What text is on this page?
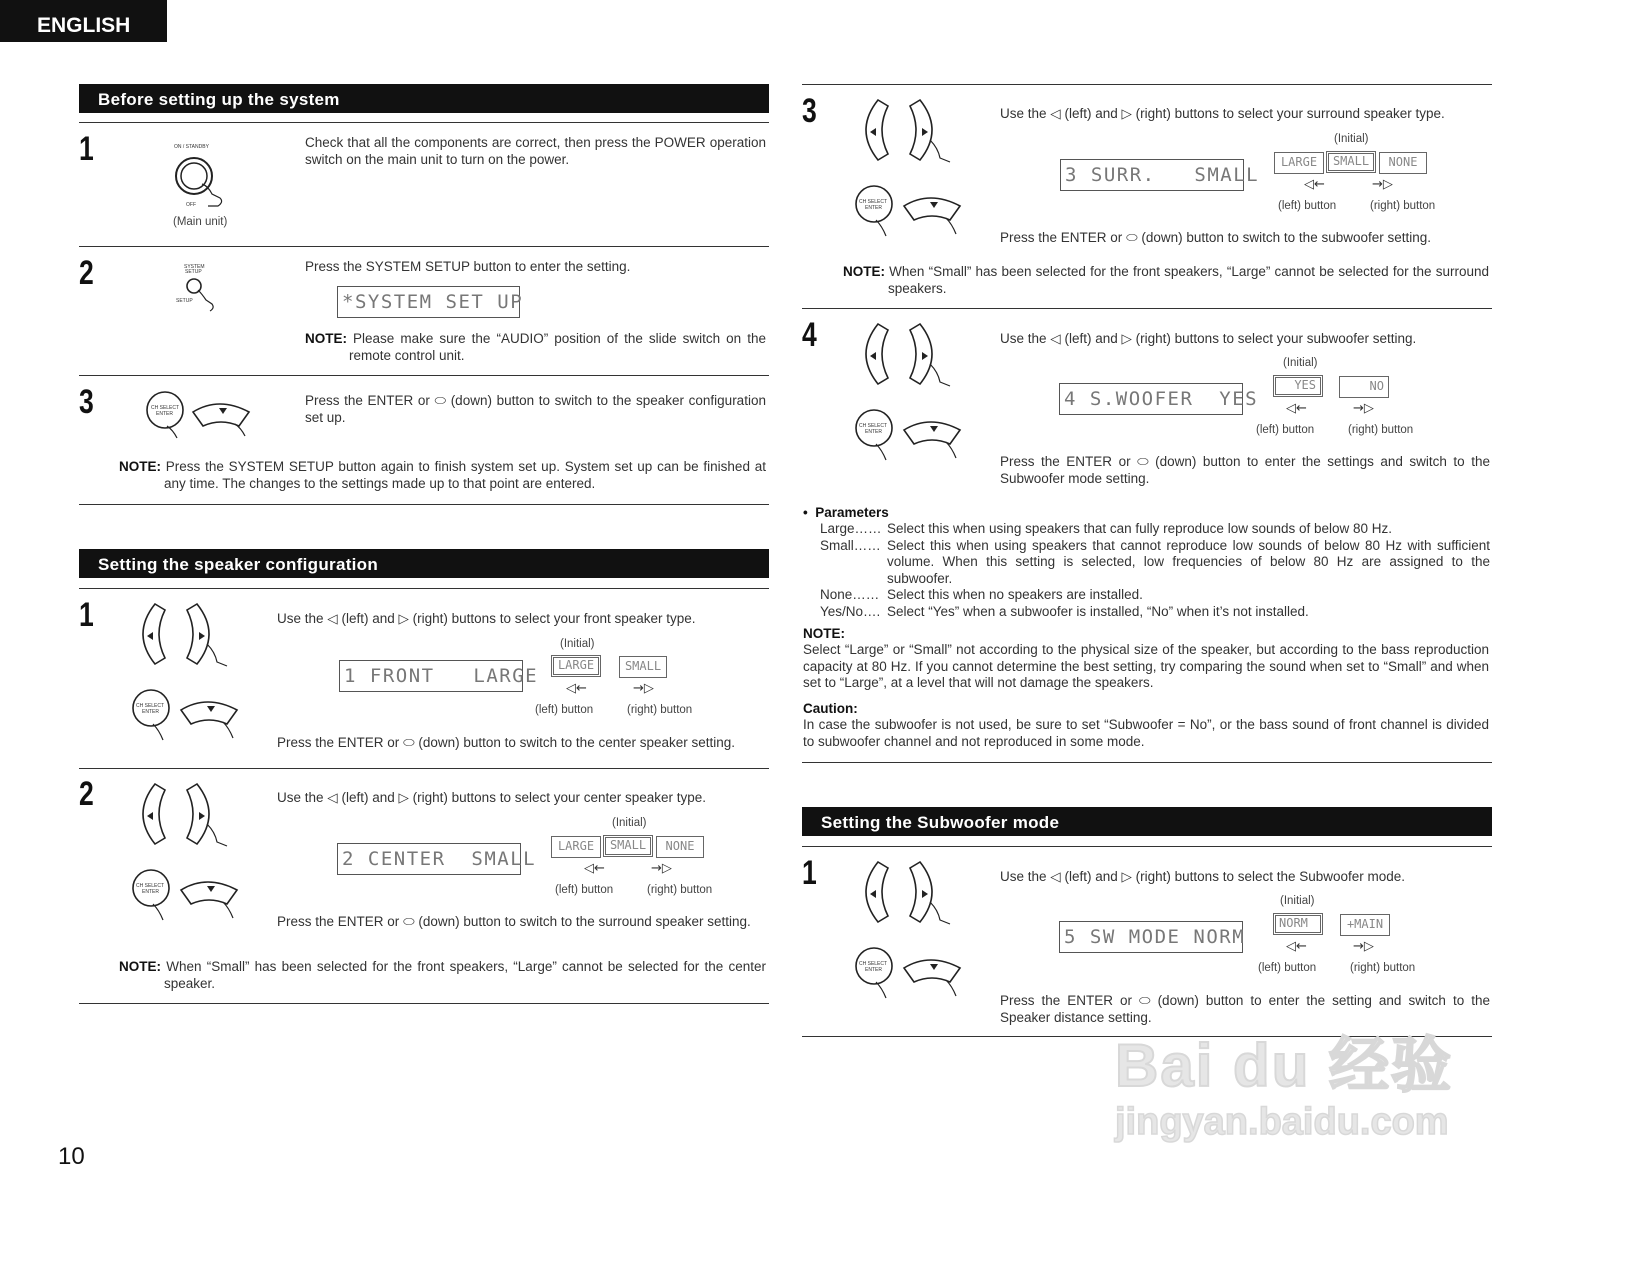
ENGLISH
Before setting up the system
1	ON / STANDBY
OFF
(Main unit)
Check that all the components are correct, then press the POWER operation switch on the main unit to turn on the power.
2	SYSTEM
SETUP
SETUP
Press the SYSTEM SETUP button to enter the setting.
*SYSTEM SET UP
NOTE: Please make sure the “AUDIO” position of the slide switch on the remote control unit.
3	CH SELECT
ENTER
Press the ENTER or ⬭ (down) button to switch to the speaker configuration set up.
NOTE: Press the SYSTEM SETUP button again to finish system set up. System set up can be finished at any time. The changes to the settings made up to that point are entered.
Setting the speaker configuration
1
CH SELECT
ENTER
Use the ◁ (left) and ▷ (right) buttons to select your front speaker type.
(Initial)
1 FRONT   LARGE	LARGE	SMALL
◁←	→▷
(left) button	(right) button
Press the ENTER or ⬭ (down) button to switch to the center speaker setting.
2
CH SELECT
ENTER
Use the ◁ (left) and ▷ (right) buttons to select your center speaker type.
(Initial)
2 CENTER  SMALL
LARGE	SMALL	NONE
◁←	→▷
(left) button	(right) button
Press the ENTER or ⬭ (down) button to switch to the surround speaker setting.
NOTE: When “Small” has been selected for the front speakers, “Large” cannot be selected for the center speaker.
10
3
CH SELECT
ENTER
Use the ◁ (left) and ▷ (right) buttons to select your surround speaker type.
(Initial)
3 SURR.   SMALL
LARGE	SMALL	NONE
◁←	→▷
(left) button	(right) button
Press the ENTER or ⬭ (down) button to switch to the subwoofer setting.
NOTE: When “Small” has been selected for the front speakers, “Large” cannot be selected for the surround speakers.
4
CH SELECT
ENTER
Use the ◁ (left) and ▷ (right) buttons to select your subwoofer setting.
(Initial)
4 S.WOOFER  YES
YES	NO
◁←	→▷
(left) button	(right) button
Press the ENTER or ⬭ (down) button to enter the settings and switch to the Subwoofer mode setting.
•  Parameters
Large…… Select this when using speakers that can fully reproduce low sounds of below 80 Hz.
Small…… Select this when using speakers that cannot reproduce low sounds of below 80 Hz with sufficient volume. When this setting is selected, low frequencies of below 80 Hz are assigned to the subwoofer.
None…… Select this when no speakers are installed.
Yes/No…. Select “Yes” when a subwoofer is installed, “No” when it’s not installed.
NOTE:
Select “Large” or “Small” not according to the physical size of the speaker, but according to the bass reproduction capacity at 80 Hz. If you cannot determine the best setting, try comparing the sound when set to “Small” and when set to “Large”, at a level that will not damage the speakers.
Caution:
In case the subwoofer is not used, be sure to set “Subwoofer = No”, or the bass sound of front channel is divided to subwoofer channel and not reproduced in some mode.
Setting the Subwoofer mode
1
CH SELECT
ENTER
Use the ◁ (left) and ▷ (right) buttons to select the Subwoofer mode.
(Initial)
5 SW MODE NORM
NORM	+MAIN
◁←	→▷
(left) button	(right) button
Press the ENTER or ⬭ (down) button to enter the setting and switch to the Speaker distance setting.
Bai du 经验
jingyan.baidu.com
